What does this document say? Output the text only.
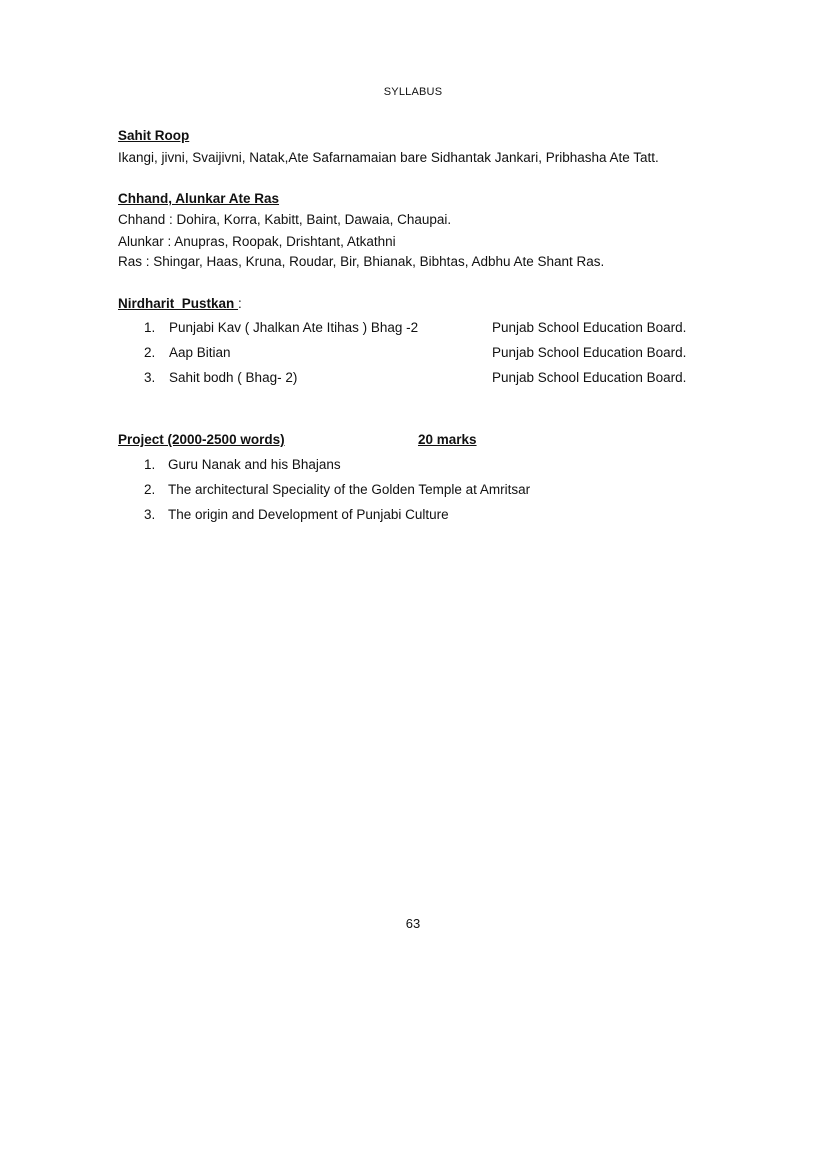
SYLLABUS
Sahit Roop
Ikangi, jivni, Svaijivni, Natak,Ate Safarnamaian bare Sidhantak Jankari, Pribhasha Ate Tatt.
Chhand, Alunkar Ate Ras
Chhand : Dohira, Korra, Kabitt, Baint, Dawaia, Chaupai.
Alunkar : Anupras, Roopak, Drishtant, Atkathni
Ras : Shingar, Haas, Kruna, Roudar, Bir, Bhianak, Bibhtas, Adbhu Ate Shant Ras.
Nirdharit  Pustkan :
1. Punjabi Kav ( Jhalkan Ate Itihas ) Bhag -2	Punjab School Education Board.
2. Aap Bitian	Punjab School Education Board.
3. Sahit bodh ( Bhag- 2)	Punjab School Education Board.
Project (2000-2500 words)	20 marks
1. Guru Nanak and his Bhajans
2. The architectural Speciality of the Golden Temple at Amritsar
3. The origin and Development of Punjabi Culture
63
